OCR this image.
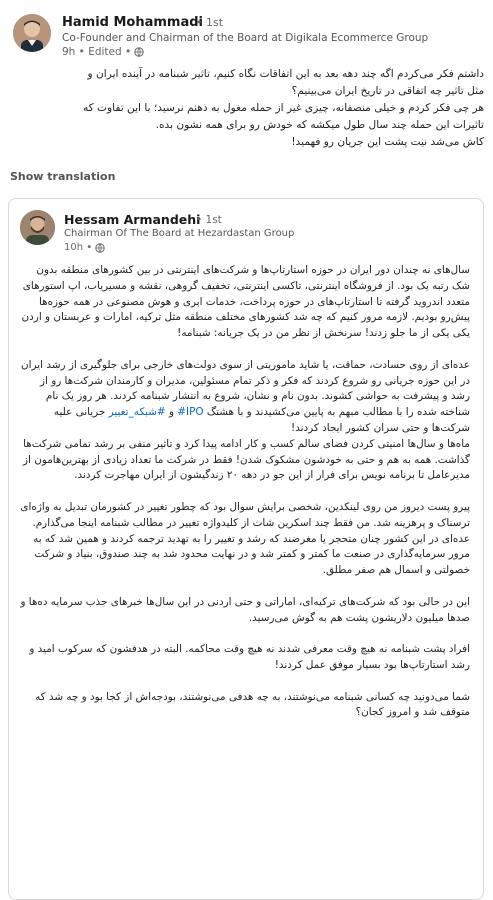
Hamid Mohammadi
• 1st
Co-Founder and Chairman of the Board at Digikala Ecommerce Group
9h • Edited •

داشتم فکر می‌کردم اگه چند دهه بعد به این اتفاقات نگاه کنیم، تاثیر شبنامه در آینده ایران و

مثل تاثیر چه اتفاقی در تاریخ ایران می‌بینیم؟

هر چی فکر کردم و خیلی منصفانه، چیزی غیر از حمله مغول به ذهنم نرسید؛ با این تفاوت که

تاثیرات این حمله چند سال طول میکشه که خودش رو برای همه نشون بده.

کاش می‌شد نیت پشت این جریان رو فهمید!

Show translation
Hessam Armandehi
• 1st
Chairman Of The Board at Hezardastan Group
10h •

سال‌های نه چندان دور ایران در حوزه استارتاپ‌ها و شرکت‌های اینترنتی در بین کشورهای منطقه بدون شک رتبه یک بود. از فروشگاه اینترنتی، تاکسی اینترنتی، تخفیف گروهی، نقشه و مسیریاب، اپ استورهای متعدد اندروید گرفته تا استارتاپ‌های در حوزه پرداخت، خدمات ابری و هوش مصنوعی در همه حوزه‌ها پیش‌رو بودیم. لازمه مرور کنیم که چه شد کشورهای مختلف منطقه مثل ترکیه، امارات و عربستان و اردن یکی یکی از ما جلو زدند! سرنخش از نظر من در یک جریانه: شبنامه!

عده‌ای از روی حسادت، حماقت، یا شاید ماموریتی از سوی دولت‌های خارجی برای جلوگیری از رشد ایران در این حوزه جریانی رو شروع کردند که فکر و ذکر تمام مسئولین، مدیران و کارمندان شرکت‌ها رو از رشد و پیشرفت به حواشی کشوند. بدون نام و نشان، شروع به انتشار شبنامه کردند. هر روز یک نام شناخته شده را با مطالب مبهم به پایین می‌کشیدند و با هشتگ IPO# و #شبکه_تغییر جریانی علیه شرکت‌ها و حتی سران کشور ایجاد کردند!

ماه‌ها و سال‌ها امنیتی کردن فضای سالم کسب و کار ادامه پیدا کرد و تاثیر منفی بر رشد تمامی شرکت‌ها گذاشت. همه به هم و حتی به خودشون مشکوک شدن! فقط در شرکت ما تعداد زیادی از بهترین‌هامون از مدیرعامل تا برنامه نویس برای فرار از این جو در دهه ۲۰ زندگیشون از ایران مهاجرت کردند.

پیرو پست دیروز من روی لینکدین، شخصی برایش سوال بود که چطور تغییر در کشورمان تبدیل به واژه‌ای ترسناک و پرهزینه شد. من فقط چند اسکرین شات از کلیدواژه تغییر در مطالب شبنامه اینجا می‌گذارم. عده‌ای در این کشور چنان متحجر یا مغرضند که رشد و تغییر را به تهدید ترجمه کردند و همین شد که به مرور سرمایه‌گذاری در صنعت ما کمتر و کمتر شد و در نهایت محدود شد به چند صندوق، بنیاد و شرکت خصولتی و اسمال هم صفر مطلق.

این در حالی بود که شرکت‌های ترکیه‌ای، اماراتی و حتی اردنی در این سال‌ها خبرهای جذب سرمایه ده‌ها و صدها میلیون دلاریشون پشت هم به گوش می‌رسید.

افراد پشت شبنامه نه هیچ وقت معرفی شدند نه هیچ وقت محاکمه. البته در هدفشون که سرکوب امید و رشد استارتاپ‌ها بود بسیار موفق عمل کردند!

شما می‌دونید چه کسانی شبنامه می‌نوشتند، به چه هدفی می‌نوشتند، بودجه‌اش از کجا بود و چه شد که متوقف شد و امروز کجان؟
